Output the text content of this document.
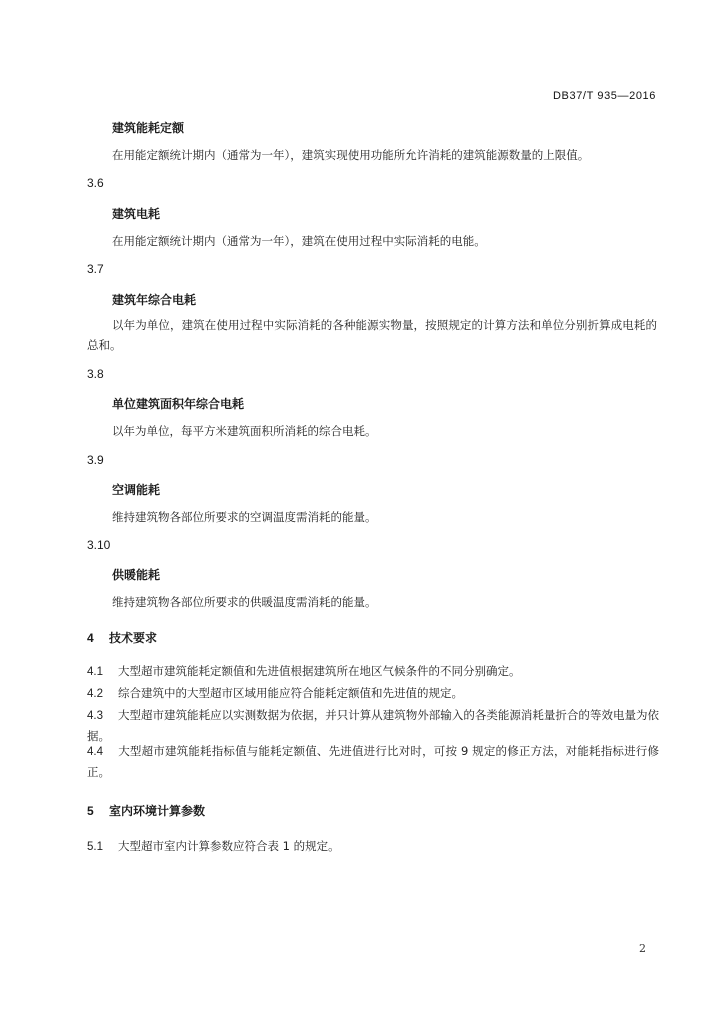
DB37/T 935—2016
建筑能耗定额
在用能定额统计期内（通常为一年），建筑实现使用功能所允许消耗的建筑能源数量的上限值。
3.6
建筑电耗
在用能定额统计期内（通常为一年），建筑在使用过程中实际消耗的电能。
3.7
建筑年综合电耗
以年为单位，建筑在使用过程中实际消耗的各种能源实物量，按照规定的计算方法和单位分别折算成电耗的总和。
3.8
单位建筑面积年综合电耗
以年为单位，每平方米建筑面积所消耗的综合电耗。
3.9
空调能耗
维持建筑物各部位所要求的空调温度需消耗的能量。
3.10
供暖能耗
维持建筑物各部位所要求的供暖温度需消耗的能量。
4 技术要求
4.1 大型超市建筑能耗定额值和先进值根据建筑所在地区气候条件的不同分别确定。
4.2 综合建筑中的大型超市区域用能应符合能耗定额值和先进值的规定。
4.3 大型超市建筑能耗应以实测数据为依据，并只计算从建筑物外部输入的各类能源消耗量折合的等效电量为依据。
4.4 大型超市建筑能耗指标值与能耗定额值、先进值进行比对时，可按 9 规定的修正方法，对能耗指标进行修正。
5 室内环境计算参数
5.1 大型超市室内计算参数应符合表 1 的规定。
2
